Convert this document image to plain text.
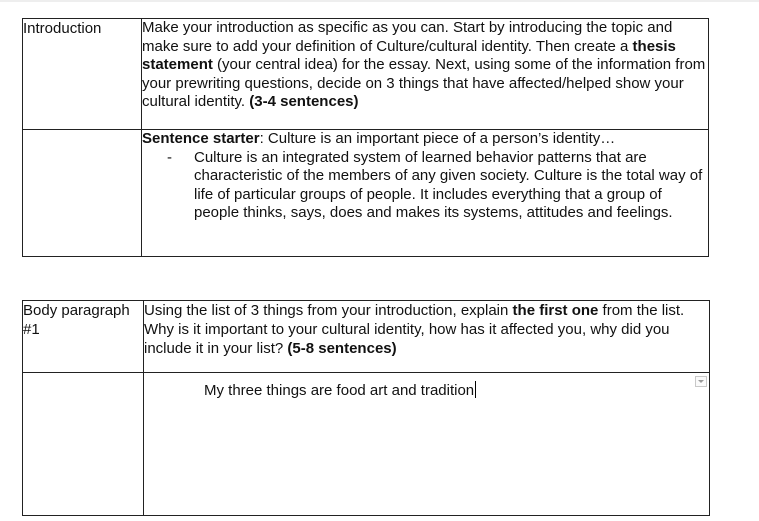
Introduction	Make your introduction as specific as you can. Start by introducing the topic and make sure to add your definition of Culture/cultural identity. Then create a thesis statement (your central idea) for the essay. Next, using some of the information from your prewriting questions, decide on 3 things that have affected/helped show your cultural identity. (3-4 sentences)

	Sentence starter: Culture is an important piece of a person’s identity…
- Culture is an integrated system of learned behavior patterns that are characteristic of the members of any given society. Culture is the total way of life of particular groups of people. It includes everything that a group of people thinks, says, does and makes its systems, attitudes and feelings.
Body paragraph #1	Using the list of 3 things from your introduction, explain the first one from the list. Why is it important to your cultural identity, how has it affected you, why did you include it in your list? (5-8 sentences)

	My three things are food art and tradition
